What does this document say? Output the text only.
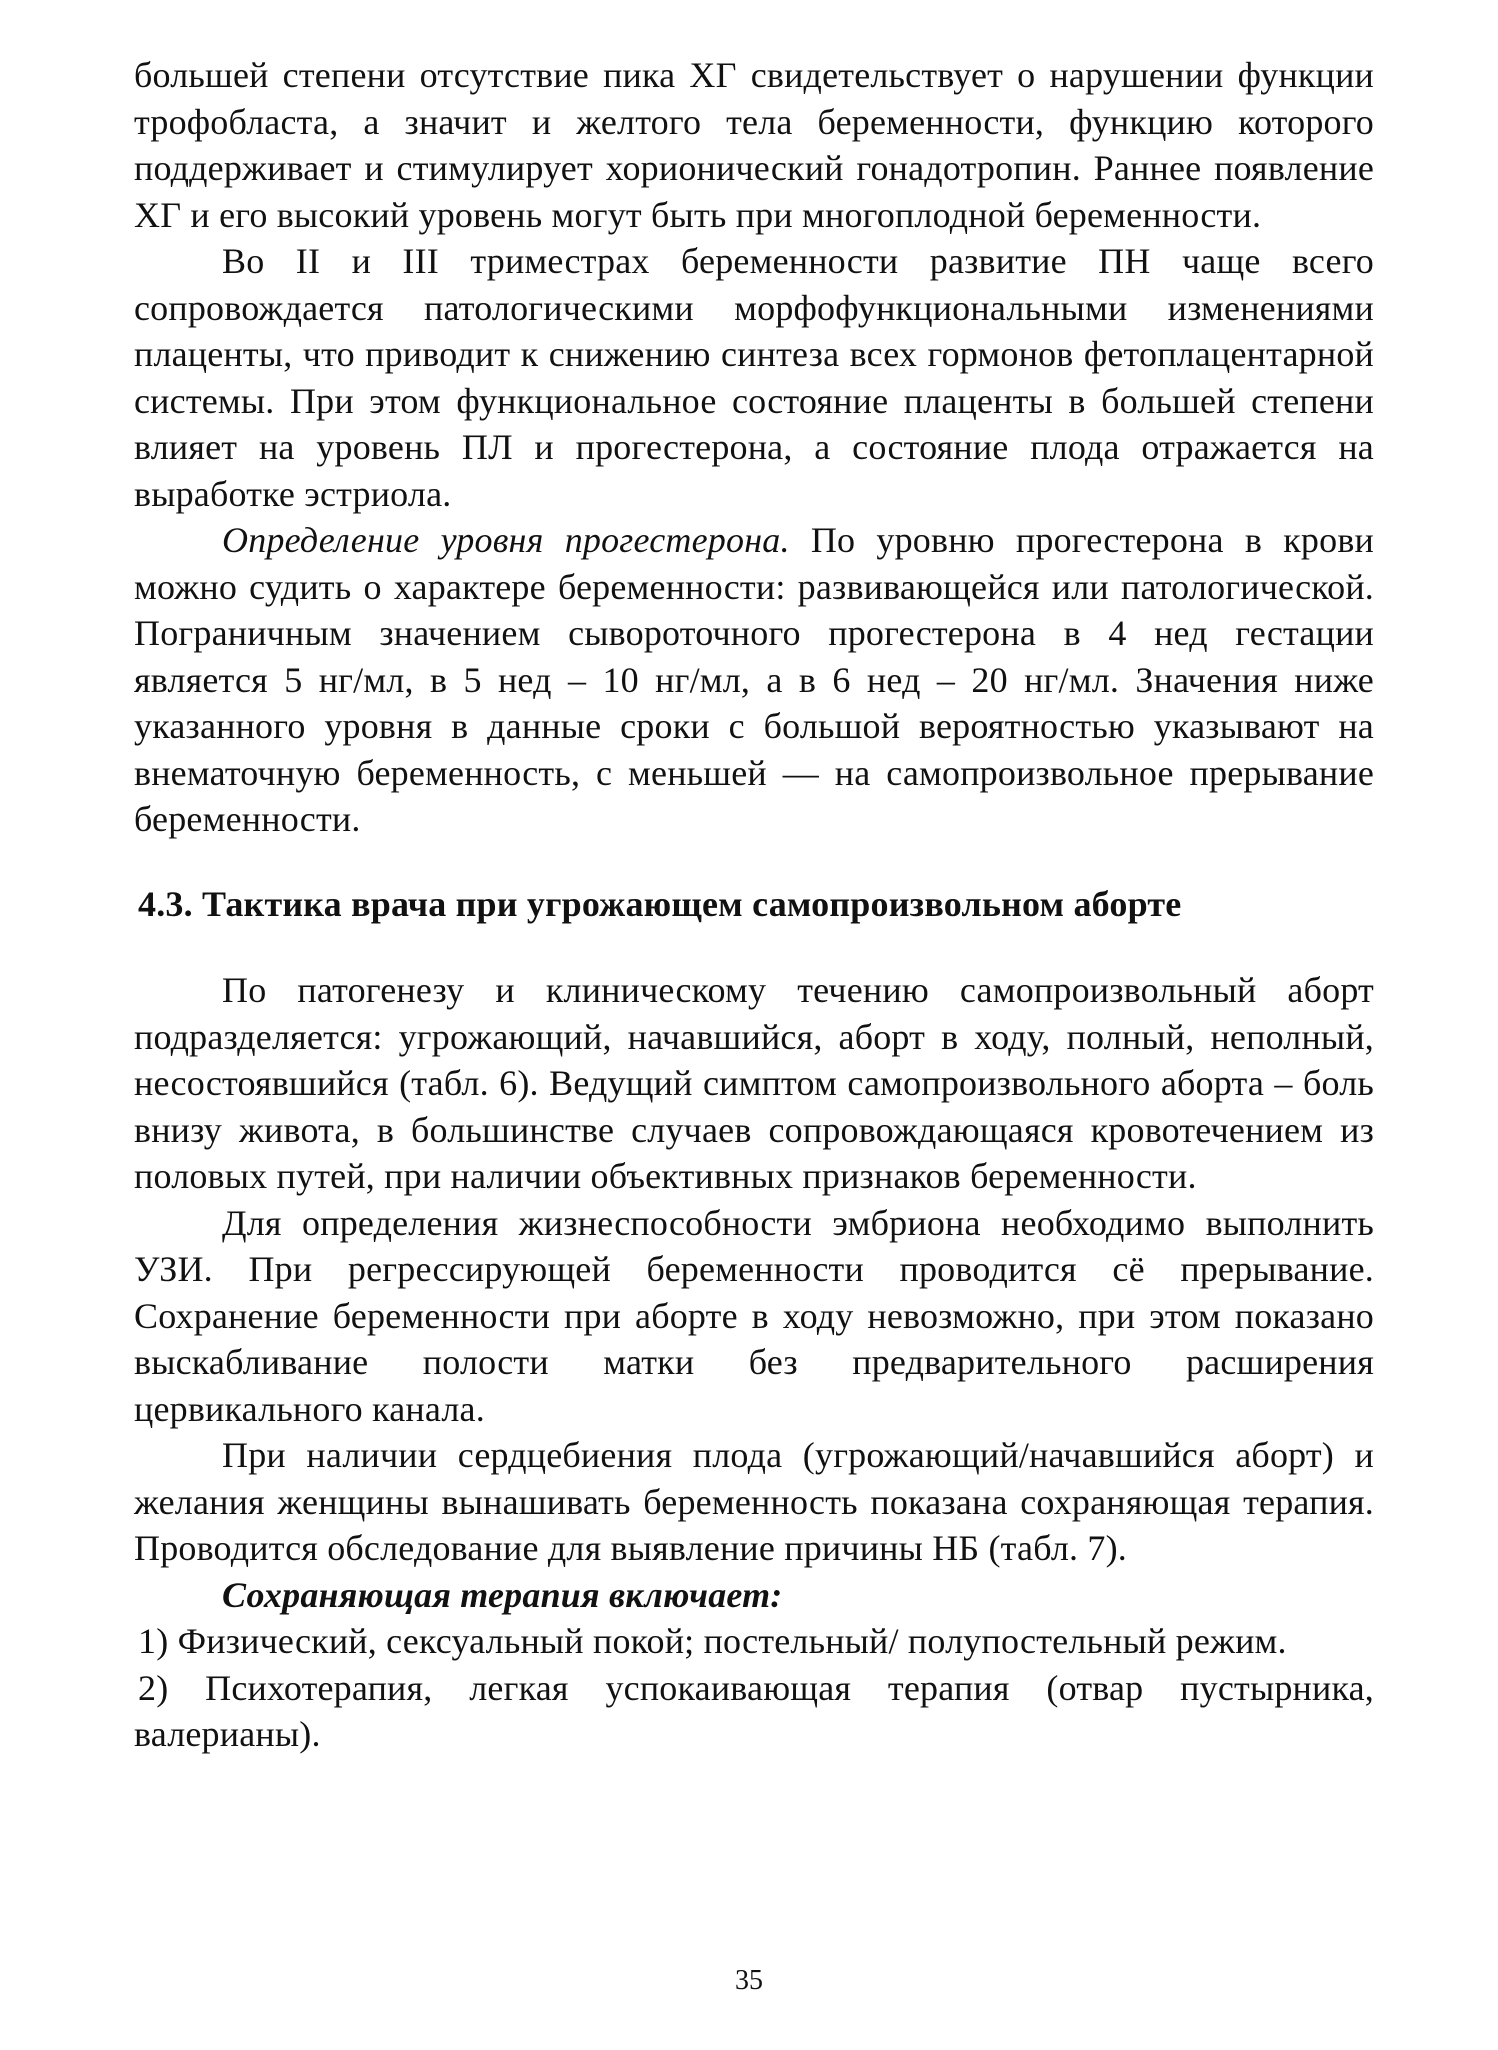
большей степени отсутствие пика ХГ свидетельствует о нарушении функции трофобласта, а значит и желтого тела беременности, функцию которого поддерживает и стимулирует хорионический гонадотропин. Раннее появление ХГ и его высокий уровень могут быть при многоплодной беременности.

Во II и III триместрах беременности развитие ПН чаще всего сопровождается патологическими морфофункциональными изменениями плаценты, что приводит к снижению синтеза всех гормонов фетоплацентарной системы. При этом функциональное состояние плаценты в большей степени влияет на уровень ПЛ и прогестерона, а состояние плода отражается на выработке эстриола.

Определение уровня прогестерона. По уровню прогестерона в крови можно судить о характере беременности: развивающейся или патологической. Пограничным значением сывороточного прогестерона в 4 нед гестации является 5 нг/мл, в 5 нед – 10 нг/мл, а в 6 нед – 20 нг/мл. Значения ниже указанного уровня в данные сроки с большой вероятностью указывают на внематочную беременность, с меньшей — на самопроизвольное прерывание беременности.

4.3. Тактика врача при угрожающем самопроизвольном аборте

По патогенезу и клиническому течению самопроизвольный аборт подразделяется: угрожающий, начавшийся, аборт в ходу, полный, неполный, несостоявшийся (табл. 6). Ведущий симптом самопроизвольного аборта – боль внизу живота, в большинстве случаев сопровождающаяся кровотечением из половых путей, при наличии объективных признаков беременности.

Для определения жизнеспособности эмбриона необходимо выполнить УЗИ. При регрессирующей беременности проводится сё прерывание. Сохранение беременности при аборте в ходу невозможно, при этом показано выскабливание полости матки без предварительного расширения цервикального канала.

При наличии сердцебиения плода (угрожающий/начавшийся аборт) и желания женщины вынашивать беременность показана сохраняющая терапия. Проводится обследование для выявление причины НБ (табл. 7).

Сохраняющая терапия включает:

1) Физический, сексуальный покой; постельный/ полупостельный режим.

2) Психотерапия, легкая успокаивающая терапия (отвар пустырника, валерианы).

35
